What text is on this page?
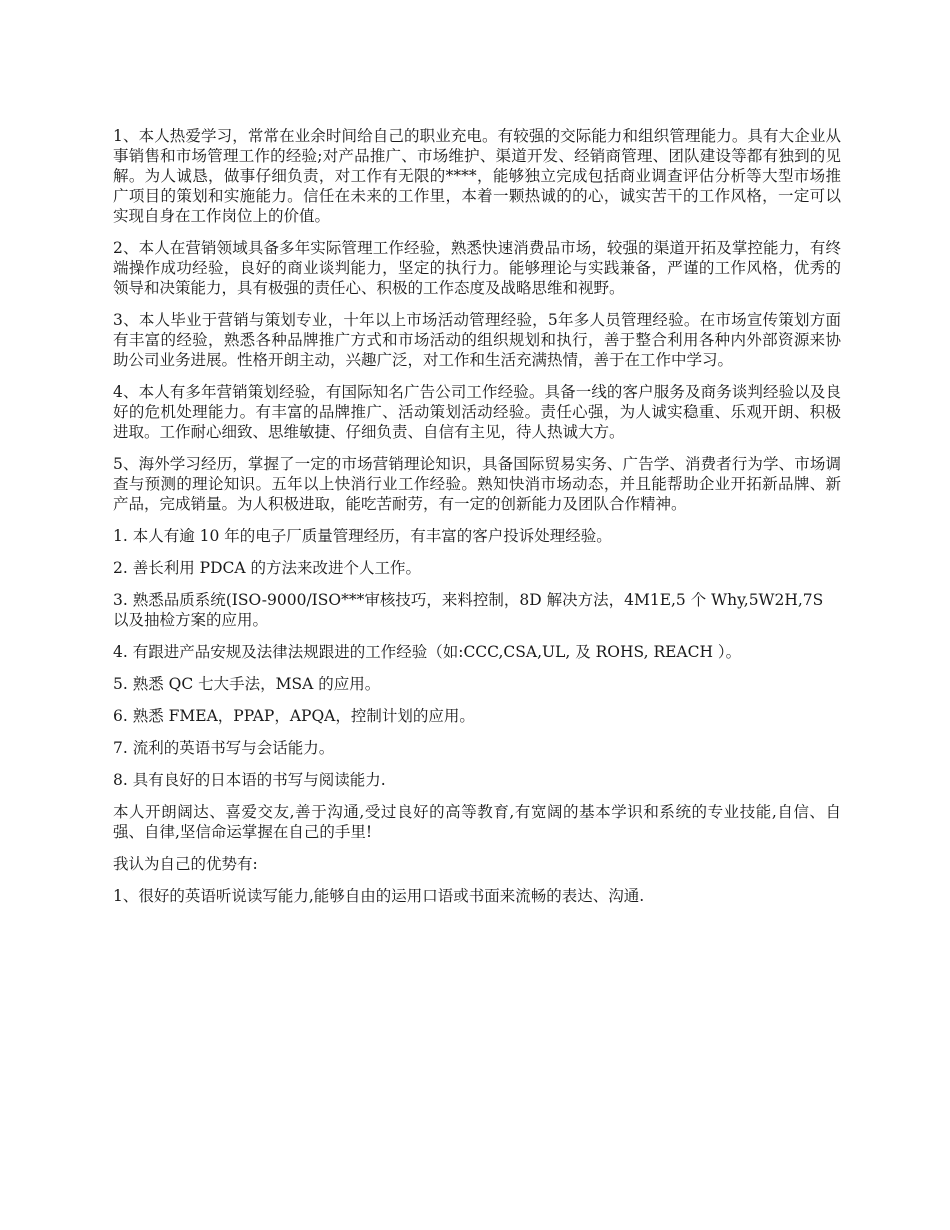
1、本人热爱学习，常常在业余时间给自己的职业充电。有较强的交际能力和组织管理能力。具有大企业从事销售和市场管理工作的经验;对产品推广、市场维护、渠道开发、经销商管理、团队建设等都有独到的见解。为人诚恳，做事仔细负责，对工作有无限的****，能够独立完成包括商业调查评估分析等大型市场推广项目的策划和实施能力。信任在未来的工作里，本着一颗热诚的的心，诚实苦干的工作风格，一定可以实现自身在工作岗位上的价值。

2、本人在营销领域具备多年实际管理工作经验，熟悉快速消费品市场，较强的渠道开拓及掌控能力，有终端操作成功经验，良好的商业谈判能力，坚定的执行力。能够理论与实践兼备，严谨的工作风格，优秀的领导和决策能力，具有极强的责任心、积极的工作态度及战略思维和视野。

3、本人毕业于营销与策划专业，十年以上市场活动管理经验，5年多人员管理经验。在市场宣传策划方面有丰富的经验，熟悉各种品牌推广方式和市场活动的组织规划和执行，善于整合利用各种内外部资源来协助公司业务进展。性格开朗主动，兴趣广泛，对工作和生活充满热情，善于在工作中学习。

4、本人有多年营销策划经验，有国际知名广告公司工作经验。具备一线的客户服务及商务谈判经验以及良好的危机处理能力。有丰富的品牌推广、活动策划活动经验。责任心强，为人诚实稳重、乐观开朗、积极进取。工作耐心细致、思维敏捷、仔细负责、自信有主见，待人热诚大方。

5、海外学习经历，掌握了一定的市场营销理论知识，具备国际贸易实务、广告学、消费者行为学、市场调查与预测的理论知识。五年以上快消行业工作经验。熟知快消市场动态，并且能帮助企业开拓新品牌、新产品，完成销量。为人积极进取，能吃苦耐劳，有一定的创新能力及团队合作精神。

1. 本人有逾 10 年的电子厂质量管理经历，有丰富的客户投诉处理经验。

2. 善长利用 PDCA 的方法来改进个人工作。

3. 熟悉品质系统(ISO-9000/ISO***审核技巧，来料控制，8D 解决方法，4M1E,5 个 Why,5W2H,7S 以及抽检方案的应用。

4. 有跟进产品安规及法律法规跟进的工作经验（如:CCC,CSA,UL, 及 ROHS, REACH ）。

5. 熟悉 QC 七大手法，MSA 的应用。

6. 熟悉 FMEA，PPAP，APQA，控制计划的应用。

7. 流利的英语书写与会话能力。

8. 具有良好的日本语的书写与阅读能力.

本人开朗阔达、喜爱交友,善于沟通,受过良好的高等教育,有宽阔的基本学识和系统的专业技能,自信、自强、自律,坚信命运掌握在自己的手里!

我认为自己的优势有:

1、很好的英语听说读写能力,能够自由的运用口语或书面来流畅的表达、沟通.
